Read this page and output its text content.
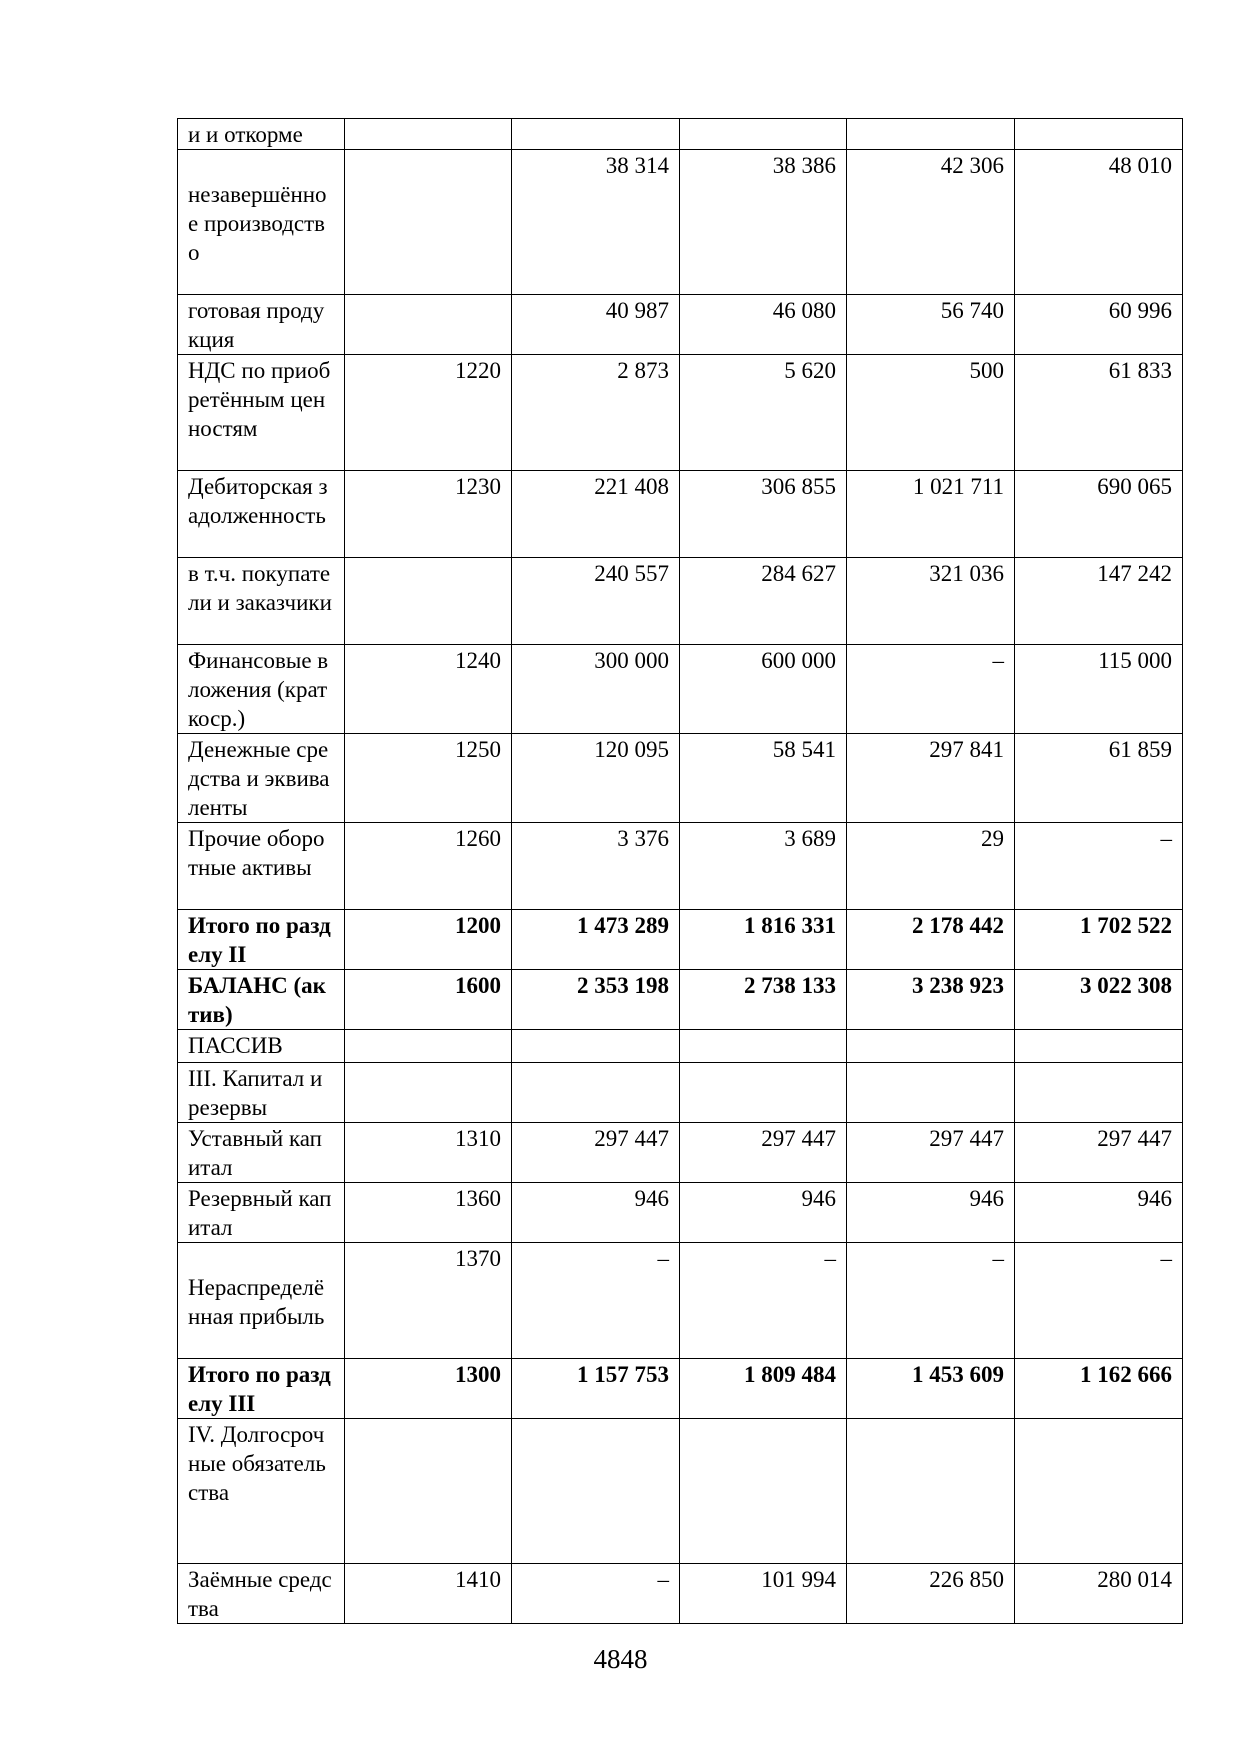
и и откорме					
незавершённое производство		38 314	38 386	42 306	48 010
готовая продукция		40 987	46 080	56 740	60 996
НДС по приобретённым ценностям	1220	2 873	5 620	500	61 833
Дебиторская задолженность	1230	221 408	306 855	1 021 711	690 065
в т.ч. покупатели и заказчики		240 557	284 627	321 036	147 242
Финансовые вложения (краткоср.)	1240	300 000	600 000	–	115 000
Денежные средства и эквиваленты	1250	120 095	58 541	297 841	61 859
Прочие оборотные активы	1260	3 376	3 689	29	–
Итого по разделу II	1200	1 473 289	1 816 331	2 178 442	1 702 522
БАЛАНС (актив)	1600	2 353 198	2 738 133	3 238 923	3 022 308
ПАССИВ					
III. Капитал и резервы					
Уставный капитал	1310	297 447	297 447	297 447	297 447
Резервный капитал	1360	946	946	946	946
Нераспределённая прибыль	1370	–	–	–	–
Итого по разделу III	1300	1 157 753	1 809 484	1 453 609	1 162 666
IV. Долгосрочные обязательства					
Заёмные средства	1410	–	101 994	226 850	280 014
4848
